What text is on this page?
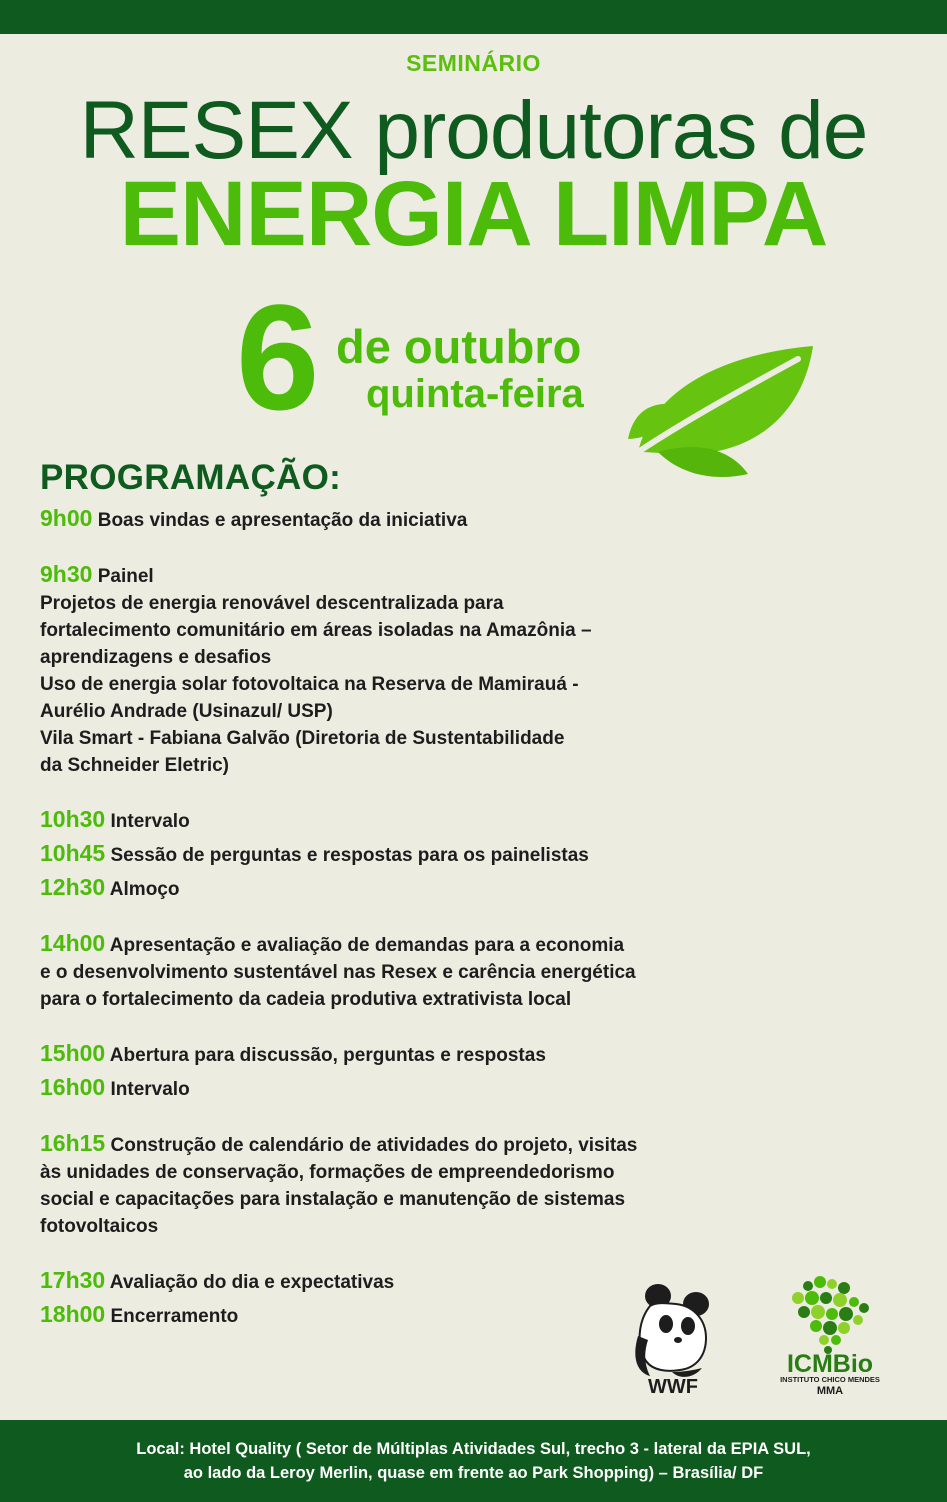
SEMINÁRIO
RESEX produtoras de
ENERGIA LIMPA
6 de outubro
quinta-feira
PROGRAMAÇÃO:
9h00 Boas vindas e apresentação da iniciativa
9h30 Painel
Projetos de energia renovável descentralizada para
fortalecimento comunitário em áreas isoladas na Amazônia –
aprendizagens e desafios
Uso de energia solar fotovoltaica na Reserva de Mamirauá -
Aurélio Andrade (Usinazul/ USP)
Vila Smart - Fabiana Galvão (Diretoria de Sustentabilidade
da Schneider Eletric)
10h30 Intervalo
10h45 Sessão de perguntas e respostas para os painelistas
12h30 Almoço
14h00 Apresentação e avaliação de demandas para a economia
e o desenvolvimento sustentável nas Resex e carência energética
para o fortalecimento da cadeia produtiva extrativista local
15h00 Abertura para discussão, perguntas e respostas
16h00 Intervalo
16h15 Construção de calendário de atividades do projeto, visitas
às unidades de conservação, formações de empreendedorismo
social e capacitações para instalação e manutenção de sistemas
fotovoltaicos
17h30 Avaliação do dia e expectativas
18h00 Encerramento
WWF
ICMBio
INSTITUTO CHICO MENDES
MMA
Local: Hotel Quality ( Setor de Múltiplas Atividades Sul, trecho 3 - lateral da EPIA SUL,
ao lado da Leroy Merlin, quase em frente ao Park Shopping) – Brasília/ DF
